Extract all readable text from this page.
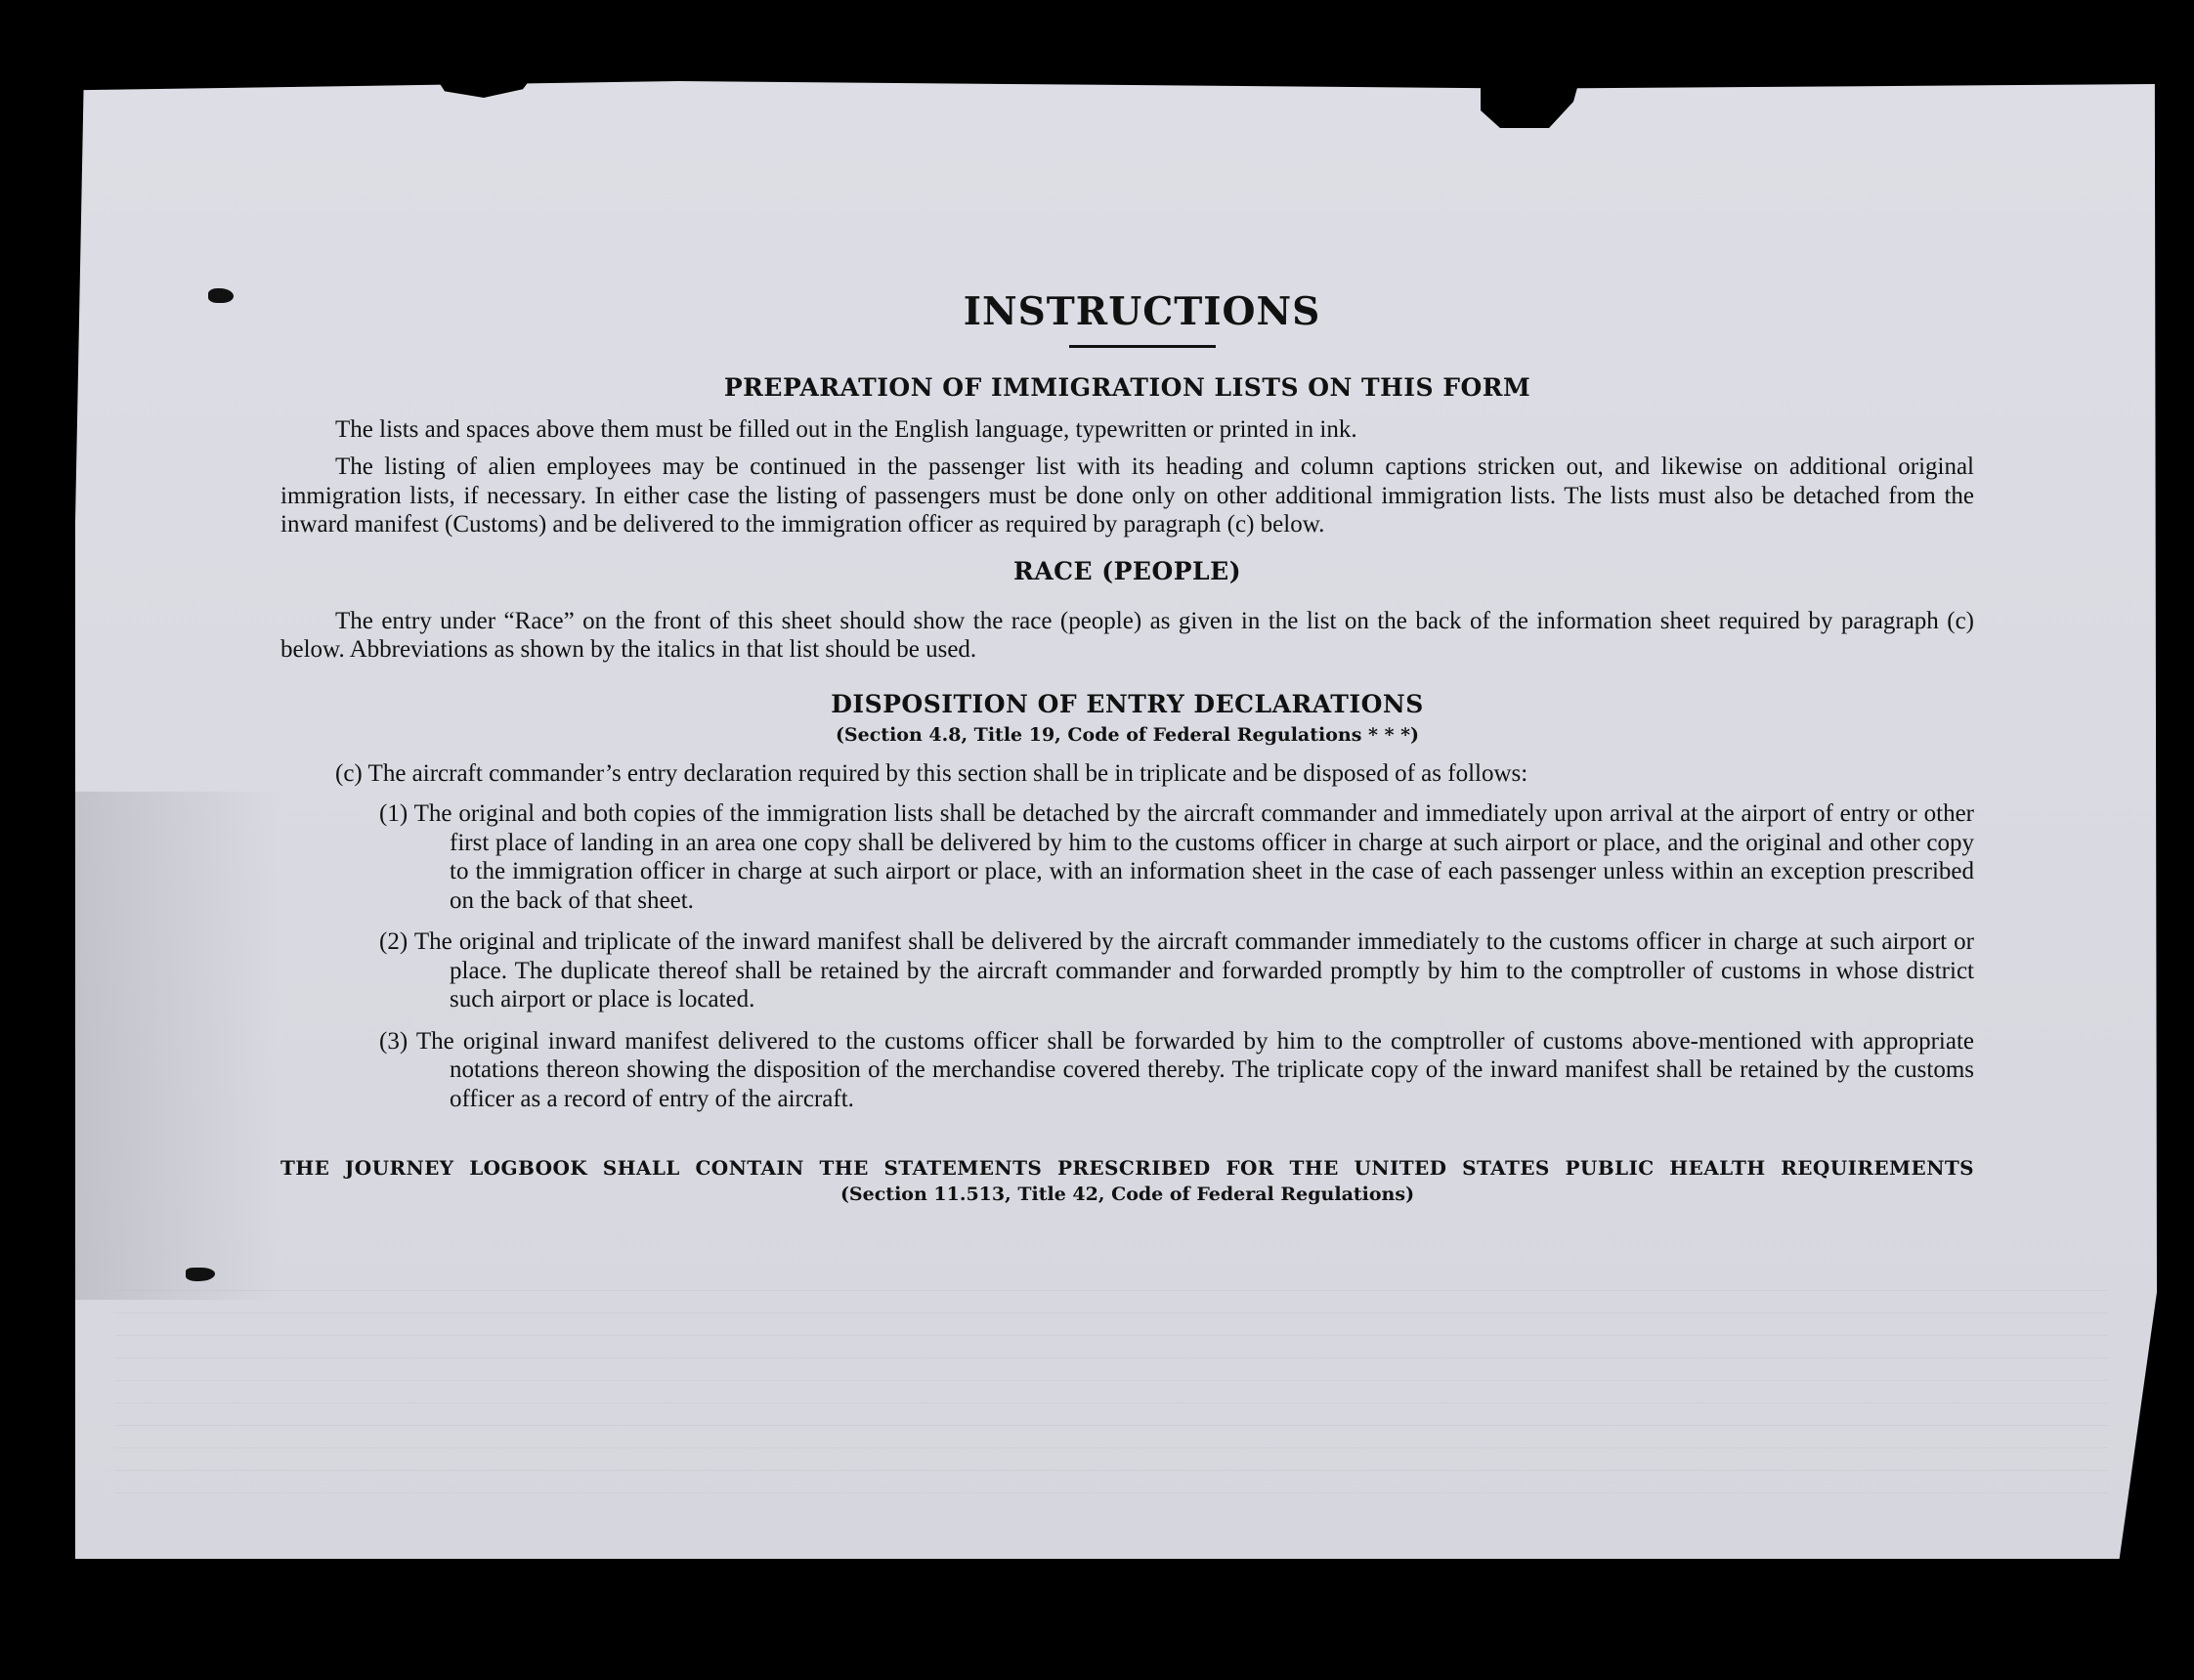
INSTRUCTIONS
PREPARATION OF IMMIGRATION LISTS ON THIS FORM

The lists and spaces above them must be filled out in the English language, typewritten or printed in ink.

The listing of alien employees may be continued in the passenger list with its heading and column captions stricken out, and likewise on additional original immigration lists, if necessary. In either case the listing of passengers must be done only on other additional immigration lists. The lists must also be detached from the inward manifest (Customs) and be delivered to the immigration officer as required by paragraph (c) below.

RACE (PEOPLE)

The entry under “Race” on the front of this sheet should show the race (people) as given in the list on the back of the information sheet required by paragraph (c) below. Abbreviations as shown by the italics in that list should be used.

DISPOSITION OF ENTRY DECLARATIONS
(Section 4.8, Title 19, Code of Federal Regulations * * *)

(c) The aircraft commander’s entry declaration required by this section shall be in triplicate and be disposed of as follows:

(1) The original and both copies of the immigration lists shall be detached by the aircraft commander and immediately upon arrival at the airport of entry or other first place of landing in an area one copy shall be delivered by him to the customs officer in charge at such airport or place, and the original and other copy to the immigration officer in charge at such airport or place, with an information sheet in the case of each passenger unless within an exception prescribed on the back of that sheet.

(2) The original and triplicate of the inward manifest shall be delivered by the aircraft commander immediately to the customs officer in charge at such airport or place. The duplicate thereof shall be retained by the aircraft commander and forwarded promptly by him to the comptroller of customs in whose district such airport or place is located.

(3) The original inward manifest delivered to the customs officer shall be forwarded by him to the comptroller of customs above-mentioned with appropriate notations thereon showing the disposition of the merchandise covered thereby. The triplicate copy of the inward manifest shall be retained by the customs officer as a record of entry of the aircraft.

THE JOURNEY LOGBOOK SHALL CONTAIN THE STATEMENTS PRESCRIBED FOR THE UNITED STATES PUBLIC HEALTH REQUIREMENTS
(Section 11.513, Title 42, Code of Federal Regulations)
